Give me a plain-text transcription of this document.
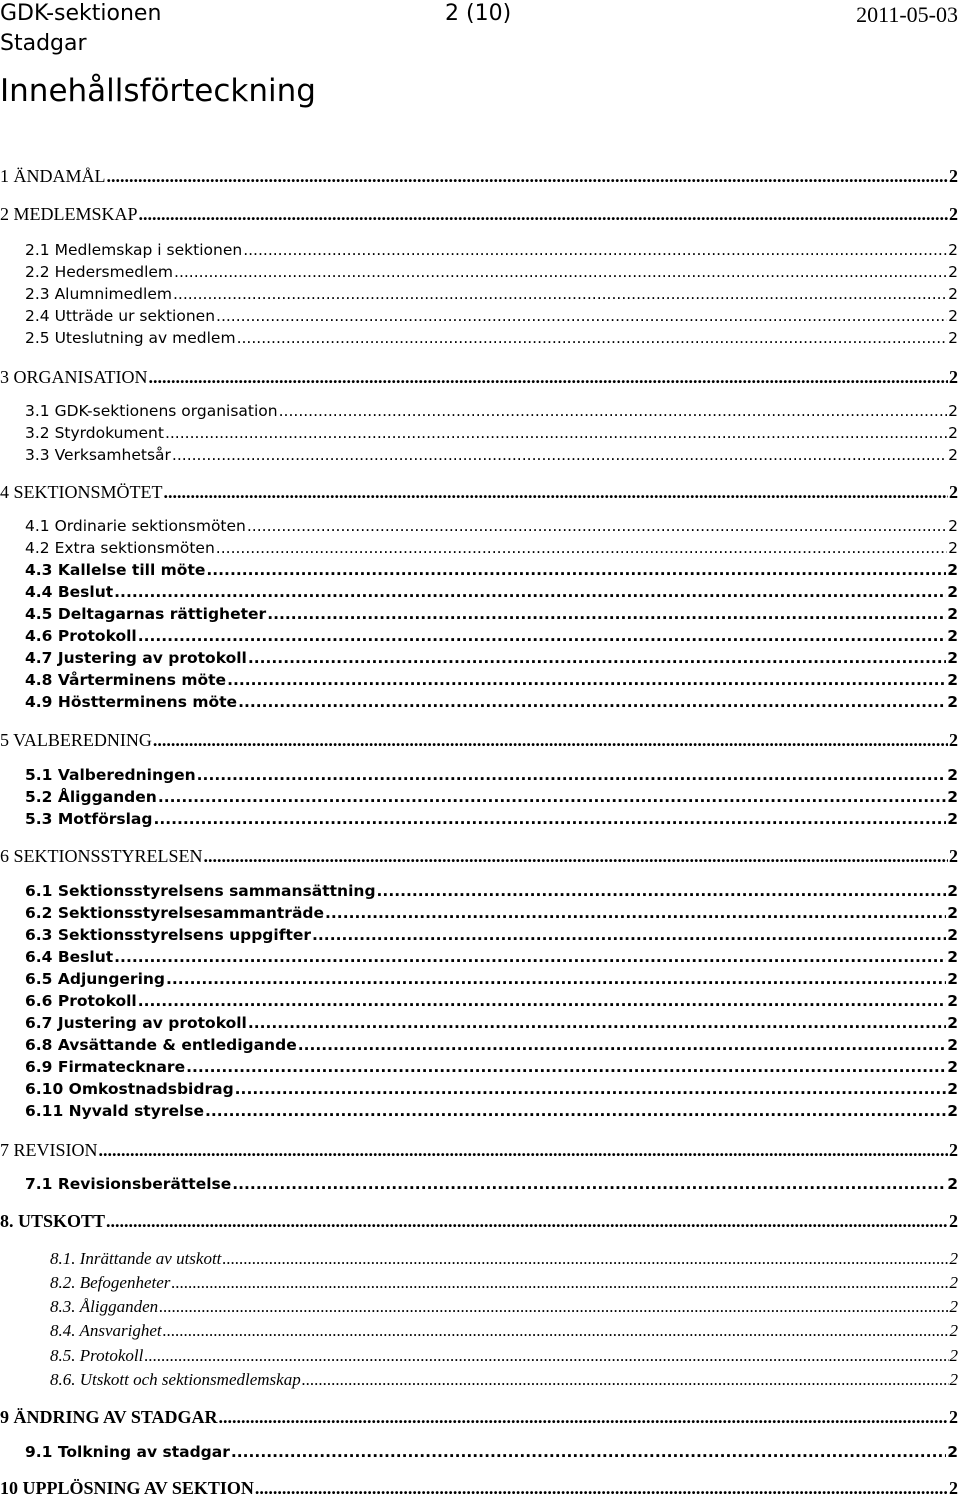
GDK-sektionen	2 (10)	2011-05-03
Stadgar
Innehållsförteckning
1 ÄNDAMÅL .....	2
2 MEDLEMSKAP .....	2
2.1 Medlemskap i sektionen .....	2
2.2 Hedersmedlem .....	2
2.3 Alumnimedlem .....	2
2.4 Utträde ur sektionen .....	2
2.5 Uteslutning av medlem .....	2
3 ORGANISATION .....	2
3.1 GDK-sektionens organisation .....	2
3.2 Styrdokument .....	2
3.3 Verksamhetsår .....	2
4 SEKTIONSMÖTET .....	2
4.1 Ordinarie sektionsmöten .....	2
4.2 Extra sektionsmöten .....	2
4.3 Kallelse till möte .....	2
4.4 Beslut .....	2
4.5 Deltagarnas rättigheter .....	2
4.6 Protokoll .....	2
4.7 Justering av protokoll .....	2
4.8 Vårterminens möte .....	2
4.9 Höstterminens möte .....	2
5 VALBEREDNING .....	2
5.1 Valberedningen .....	2
5.2 Åligganden .....	2
5.3 Motförslag .....	2
6 SEKTIONSSTYRELSEN .....	2
6.1 Sektionsstyrelsens sammansättning .....	2
6.2 Sektionsstyrelsesammanträde .....	2
6.3 Sektionsstyrelsens uppgifter .....	2
6.4 Beslut .....	2
6.5 Adjungering .....	2
6.6 Protokoll .....	2
6.7 Justering av protokoll .....	2
6.8 Avsättande & entledigande .....	2
6.9 Firmatecknare .....	2
6.10 Omkostnadsbidrag .....	2
6.11 Nyvald styrelse .....	2
7 REVISION .....	2
7.1 Revisionsberättelse .....	2
8. UTSKOTT .....	2
8.1. Inrättande av utskott .....	2
8.2. Befogenheter .....	2
8.3. Åligganden .....	2
8.4. Ansvarighet .....	2
8.5. Protokoll .....	2
8.6. Utskott och sektionsmedlemskap .....	2
9 ÄNDRING AV STADGAR .....	2
9.1 Tolkning av stadgar .....	2
10 UPPLÖSNING AV SEKTION .....	2
